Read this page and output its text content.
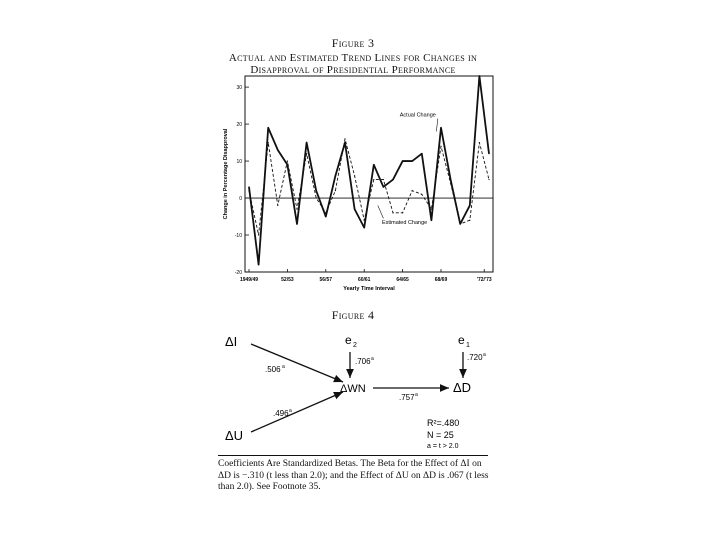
Figure 3
Actual and Estimated Trend Lines for Changes in
Disapproval of Presidential Performance
-20
-10
0
10
20
30
1949/49	52/53	56/57	60/61	64/65	68/69	'72/'73
Yearly Time Interval
Change in Percentage Disapproval
Actual Change
Estimated Change
Figure 4
ΔI
ΔU
ΔWN	ΔD
e 2	e 1
.506 a
.496 a
.706 a	.720 a
.757 a
R²=.480
N = 25
a = t > 2.0
Coefficients Are Standardized Betas. The Beta for the Effect of ΔI on ΔD is −.310 (t less than 2.0); and the Effect of ΔU on ΔD is .067 (t less than 2.0). See Footnote 35.
